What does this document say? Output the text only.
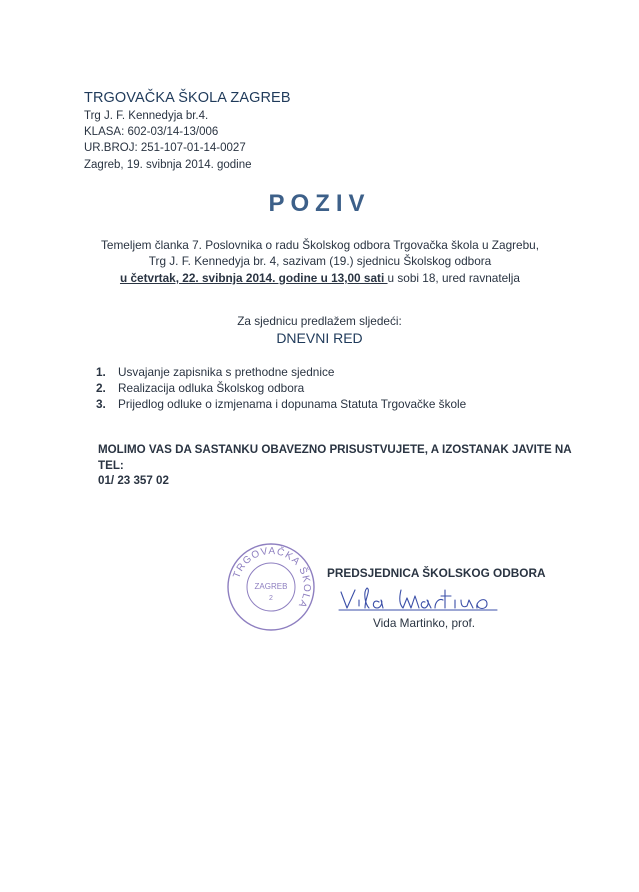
TRGOVAČKA ŠKOLA ZAGREB
Trg J. F. Kennedyja br.4.
KLASA: 602-03/14-13/006
UR.BROJ: 251-107-01-14-0027
Zagreb, 19. svibnja 2014. godine
POZIV
Temeljem članka 7. Poslovnika o radu Školskog odbora Trgovačka škola u Zagrebu,
Trg J. F. Kennedyja br. 4, sazivam (19.) sjednicu Školskog odbora
u četvrtak, 22. svibnja 2014. godine u 13,00 sati u sobi 18, ured ravnatelja
Za sjednicu predlažem sljedeći:
DNEVNI RED
1. Usvajanje zapisnika s prethodne sjednice
2. Realizacija odluka Školskog odbora
3. Prijedlog odluke o izmjenama i dopunama Statuta Trgovačke škole
MOLIMO VAS DA SASTANKU OBAVEZNO PRISUSTVUJETE, A IZOSTANAK JAVITE NA TEL:
01/ 23 357 02
TRGOVAČKA ŠKOLA
ZAGREB
2
PREDSJEDNICA ŠKOLSKOG ODBORA
Vida Martinko, prof.
